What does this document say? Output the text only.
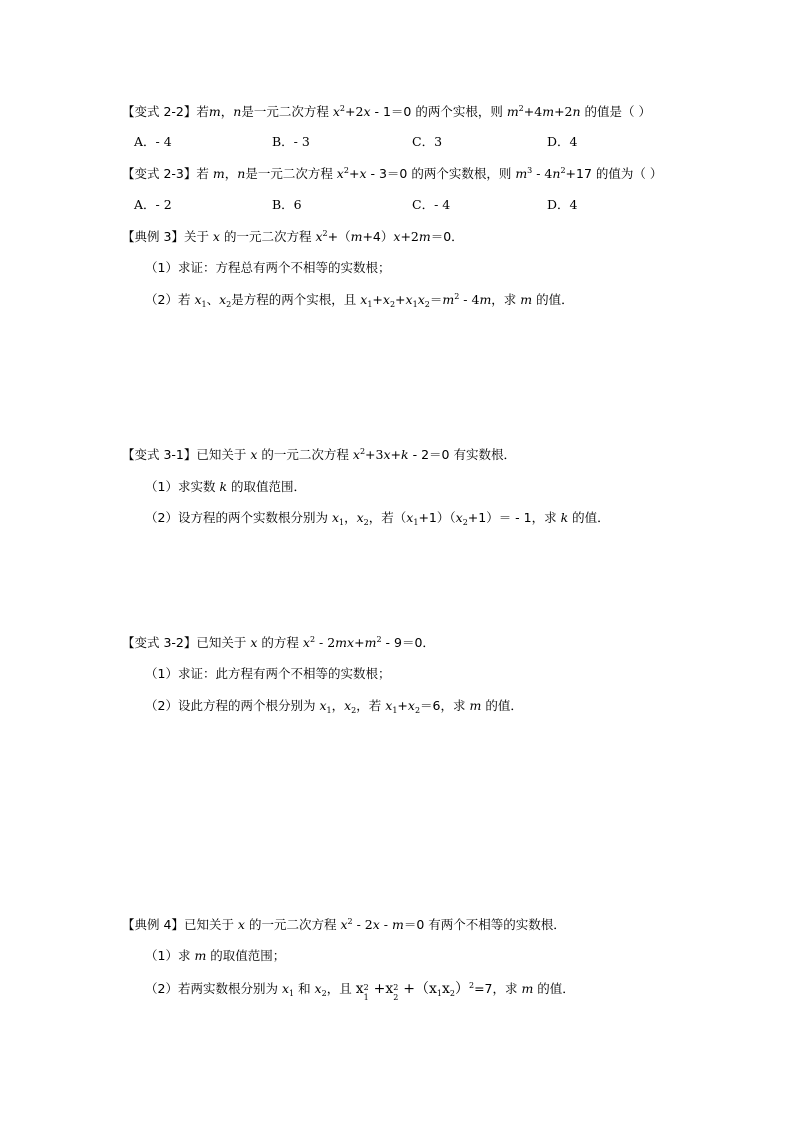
【变式 2-2】若m，n是一元二次方程 $x^2+2x - 1=0$ 的两个实根，则 $m^2+4m+2n$ 的值是（ ）
A．- 4	B．- 3	C．3	D．4
【变式 2-3】若 m，n是一元二次方程 $x^2+x - 3=0$ 的两个实数根，则 $m^3 - 4n^2+17$ 的值为（ ）
A．- 2	B．6	C．- 4	D．4
【典例 3】关于 x 的一元二次方程 $x^2+(m+4)x+2m=0$．
（1）求证：方程总有两个不相等的实数根；
（2）若 $x_1$、$x_2$是方程的两个实根，且 $x_1+x_2+x_1x_2=m^2 - 4m$，求 m 的值．
【变式 3-1】已知关于 x 的一元二次方程 $x^2+3x+k - 2=0$ 有实数根．
（1）求实数 k 的取值范围．
（2）设方程的两个实数根分别为 $x_1$，$x_2$，若$(x_1+1)(x_2+1)= - 1$，求 k 的值．
【变式 3-2】已知关于 x 的方程 $x^2 - 2mx+m^2 - 9=0$．
（1）求证：此方程有两个不相等的实数根；
（2）设此方程的两个根分别为 $x_1$，$x_2$，若 $x_1+x_2=6$，求 m 的值．
【典例 4】已知关于 x 的一元二次方程 $x^2 - 2x - m=0$ 有两个不相等的实数根．
（1）求 m 的取值范围；
（2）若两实数根分别为 $x_1$ 和 $x_2$，且 x 2
1 +x 2
$2 +(x_1x_2)^2=7$，求 m 的值．
